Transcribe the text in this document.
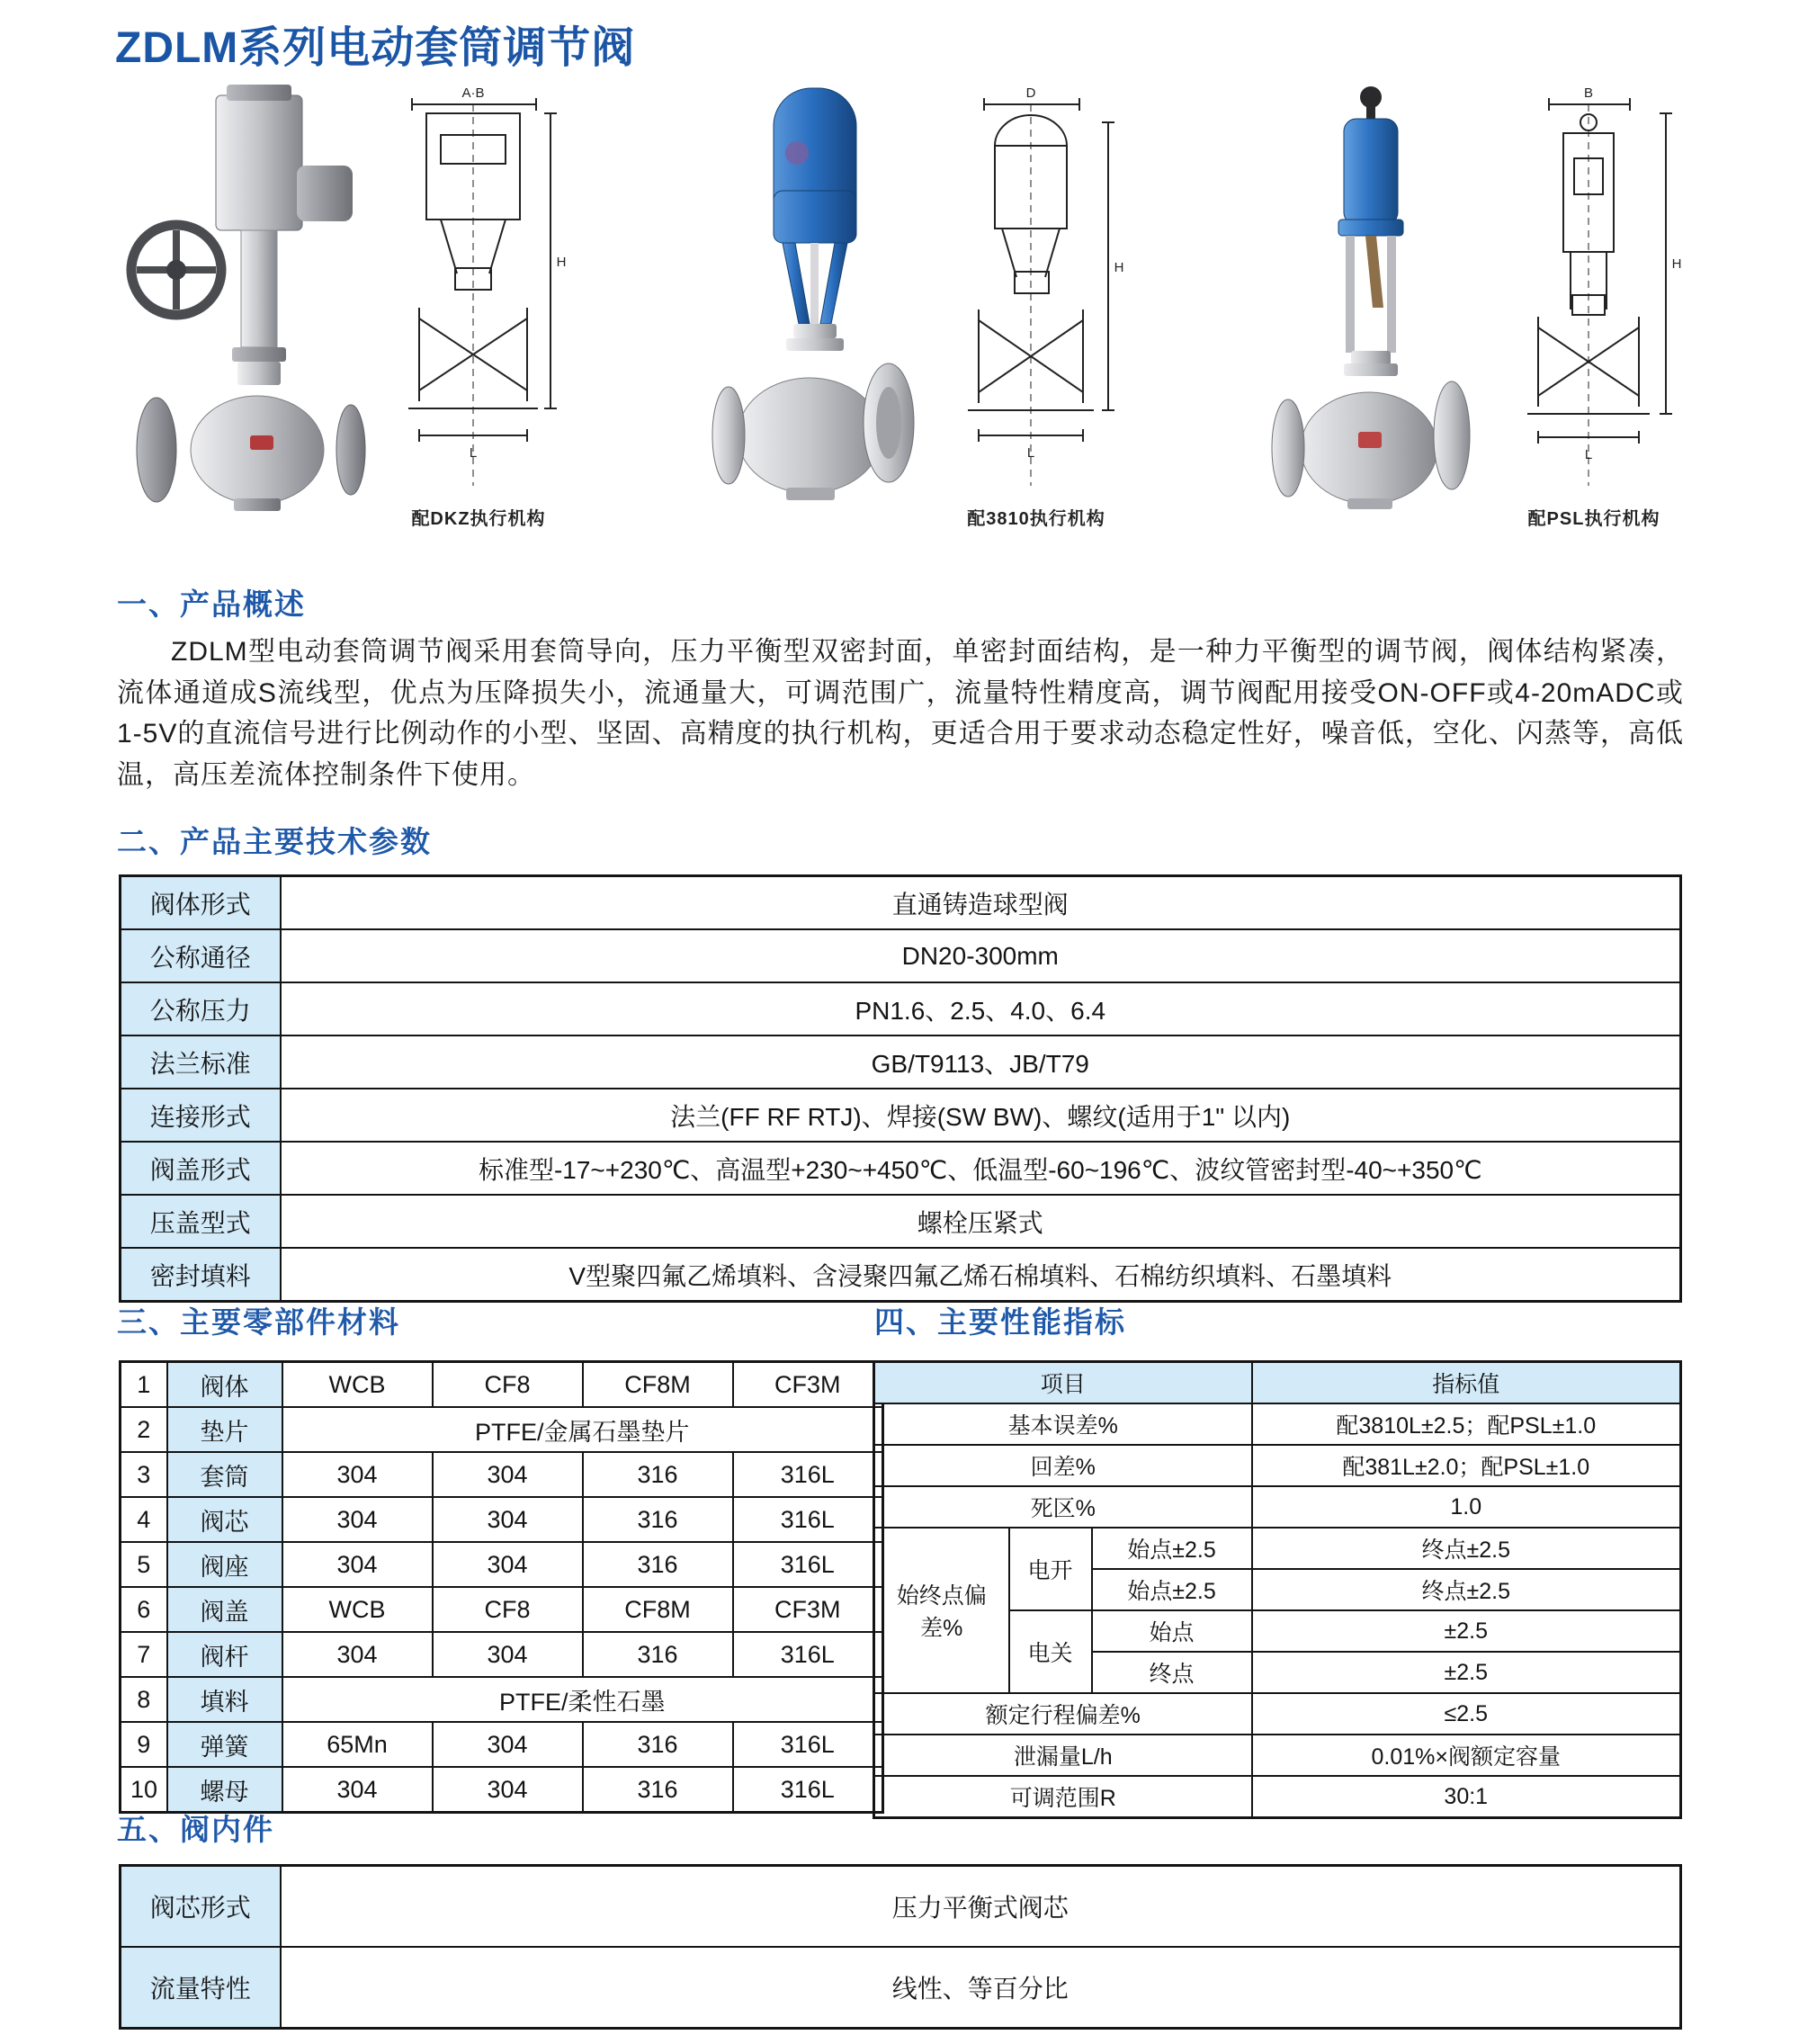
ZDLM系列电动套筒调节阀
A·B
H
L
配DKZ执行机构
D
H
L
配3810执行机构
B
H
L
配PSL执行机构
一、产品概述
ZDLM型电动套筒调节阀采用套筒导向，压力平衡型双密封面，单密封面结构，是一种力平衡型的调节阀，阀体结构紧凑，流体通道成S流线型，优点为压降损失小，流通量大，可调范围广，流量特性精度高，调节阀配用接受ON-OFF或4-20mADC或1-5V的直流信号进行比例动作的小型、坚固、高精度的执行机构，更适合用于要求动态稳定性好，噪音低，空化、闪蒸等，高低温，高压差流体控制条件下使用。
二、产品主要技术参数
阀体形式	直通铸造球型阀
公称通径	DN20-300mm
公称压力	PN1.6、2.5、4.0、6.4
法兰标准	GB/T9113、JB/T79
连接形式	法兰(FF RF RTJ)、焊接(SW BW)、螺纹(适用于1" 以内)
阀盖形式	标准型-17~+230℃、高温型+230~+450℃、低温型-60~196℃、波纹管密封型-40~+350℃
压盖型式	螺栓压紧式
密封填料	V型聚四氟乙烯填料、含浸聚四氟乙烯石棉填料、石棉纺织填料、石墨填料
三、主要零部件材料
1	阀体	WCB	CF8	CF8M	CF3M
2	垫片	PTFE/金属石墨垫片			
3	套筒	304	304	316	316L
4	阀芯	304	304	316	316L
5	阀座	304	304	316	316L
6	阀盖	WCB	CF8	CF8M	CF3M
7	阀杆	304	304	316	316L
8	填料	PTFE/柔性石墨			
9	弹簧	65Mn	304	316	316L
10	螺母	304	304	316	316L
四、主要性能指标
项目			指标值
基本误差%			配3810L±2.5；配PSL±1.0
回差%			配381L±2.0；配PSL±1.0
死区%			1.0
始终点偏差%	电开	始点±2.5	终点±2.5
		始点±2.5	终点±2.5
	电关	始点	±2.5
		终点	±2.5
额定行程偏差%			≤2.5
泄漏量L/h			0.01%×阀额定容量
可调范围R			30:1
五、阀内件
阀芯形式	压力平衡式阀芯
流量特性	线性、等百分比
